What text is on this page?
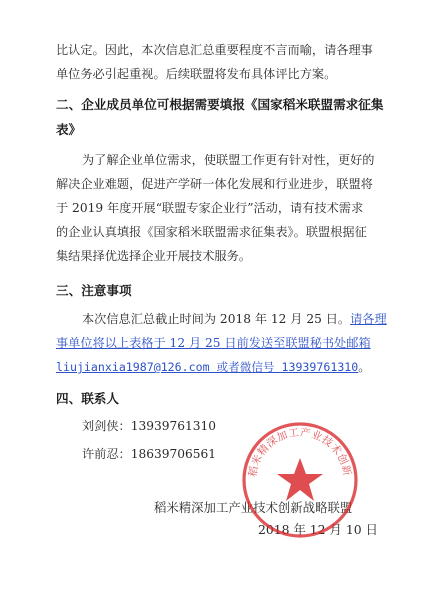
比认定。因此，本次信息汇总重要程度不言而喻，请各理事
单位务必引起重视。后续联盟将发布具体评比方案。
二、企业成员单位可根据需要填报《国家稻米联盟需求征集
表》
为了解企业单位需求，使联盟工作更有针对性，更好的
解决企业难题，促进产学研一体化发展和行业进步，联盟将
于 2019 年度开展“联盟专家企业行”活动，请有技术需求
的企业认真填报《国家稻米联盟需求征集表》。联盟根据征
集结果择优选择企业开展技术服务。
三、注意事项
本次信息汇总截止时间为 2018 年 12 月 25 日。请各理
事单位将以上表格于 12 月 25 日前发送至联盟秘书处邮箱
liujianxia1987@126.com 或者微信号 13939761310。
四、联系人
刘剑侠：13939761310
许前忍：18639706561
稻米精深加工产业技术创新战略联盟
2018 年 12 月 10 日
稻米精深加工产业技术创新
